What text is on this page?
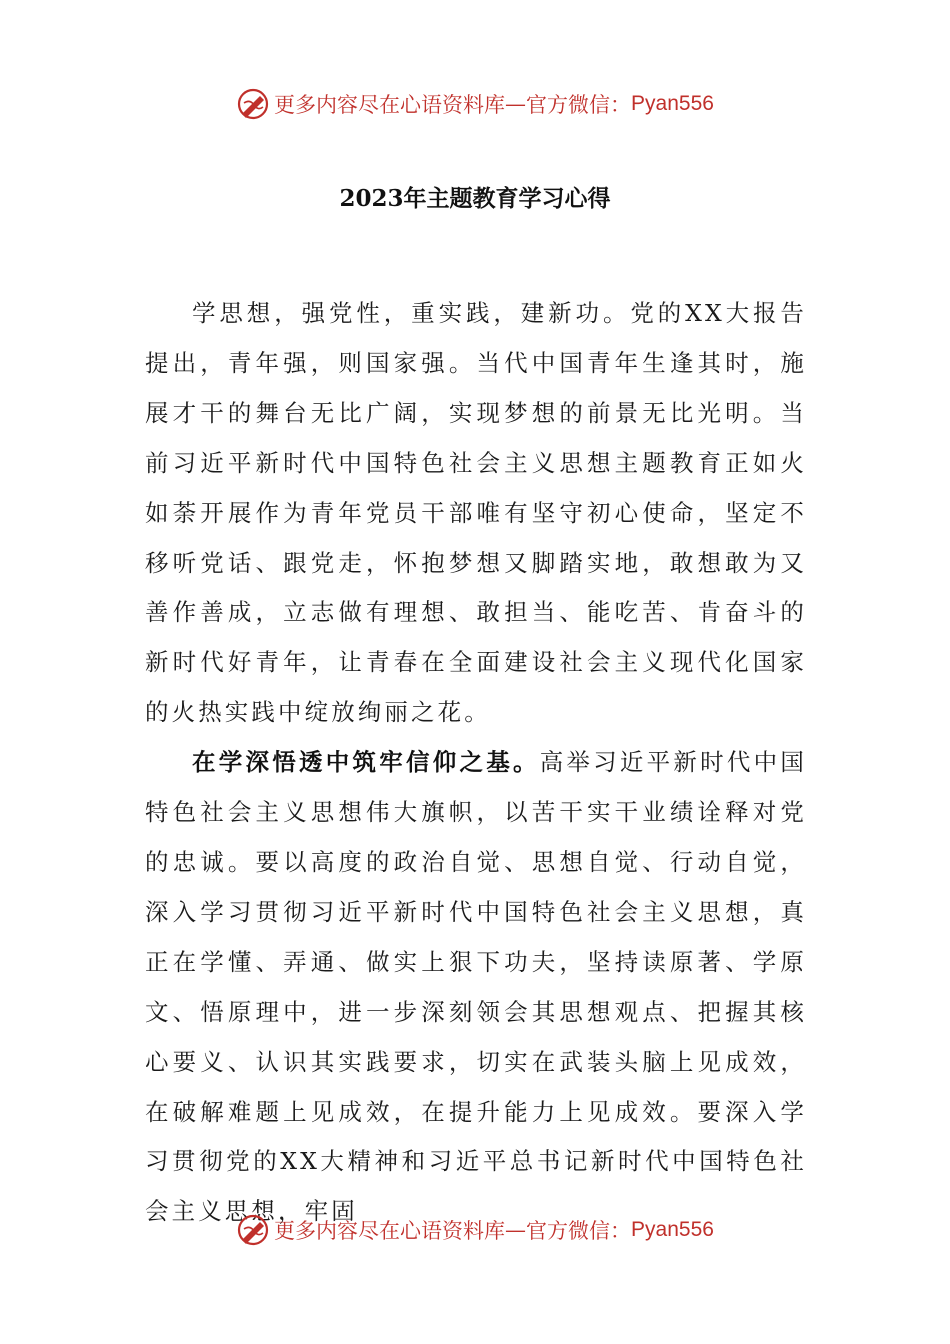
更多内容尽在心语资料库 — 官方微信： Pyan556
2023年主题教育学习心得

学思想，强党性，重实践，建新功。党的XX大报告提出，青年强，则国家强。当代中国青年生逢其时，施展才干的舞台无比广阔，实现梦想的前景无比光明。当前习近平新时代中国特色社会主义思想主题教育正如火如荼开展作为青年党员干部唯有坚守初心使命，坚定不移听党话、跟党走，怀抱梦想又脚踏实地，敢想敢为又善作善成，立志做有理想、敢担当、能吃苦、肯奋斗的新时代好青年，让青春在全面建设社会主义现代化国家的火热实践中绽放绚丽之花。

在学深悟透中筑牢信仰之基。高举习近平新时代中国特色社会主义思想伟大旗帜，以苦干实干业绩诠释对党的忠诚。要以高度的政治自觉、思想自觉、行动自觉，深入学习贯彻习近平新时代中国特色社会主义思想，真正在学懂、弄通、做实上狠下功夫，坚持读原著、学原文、悟原理中，进一步深刻领会其思想观点、把握其核心要义、认识其实践要求，切实在武装头脑上见成效，在破解难题上见成效，在提升能力上见成效。要深入学习贯彻党的XX大精神和习近平总书记新时代中国特色社会主义思想，牢固

更多内容尽在心语资料库 — 官方微信： Pyan556
